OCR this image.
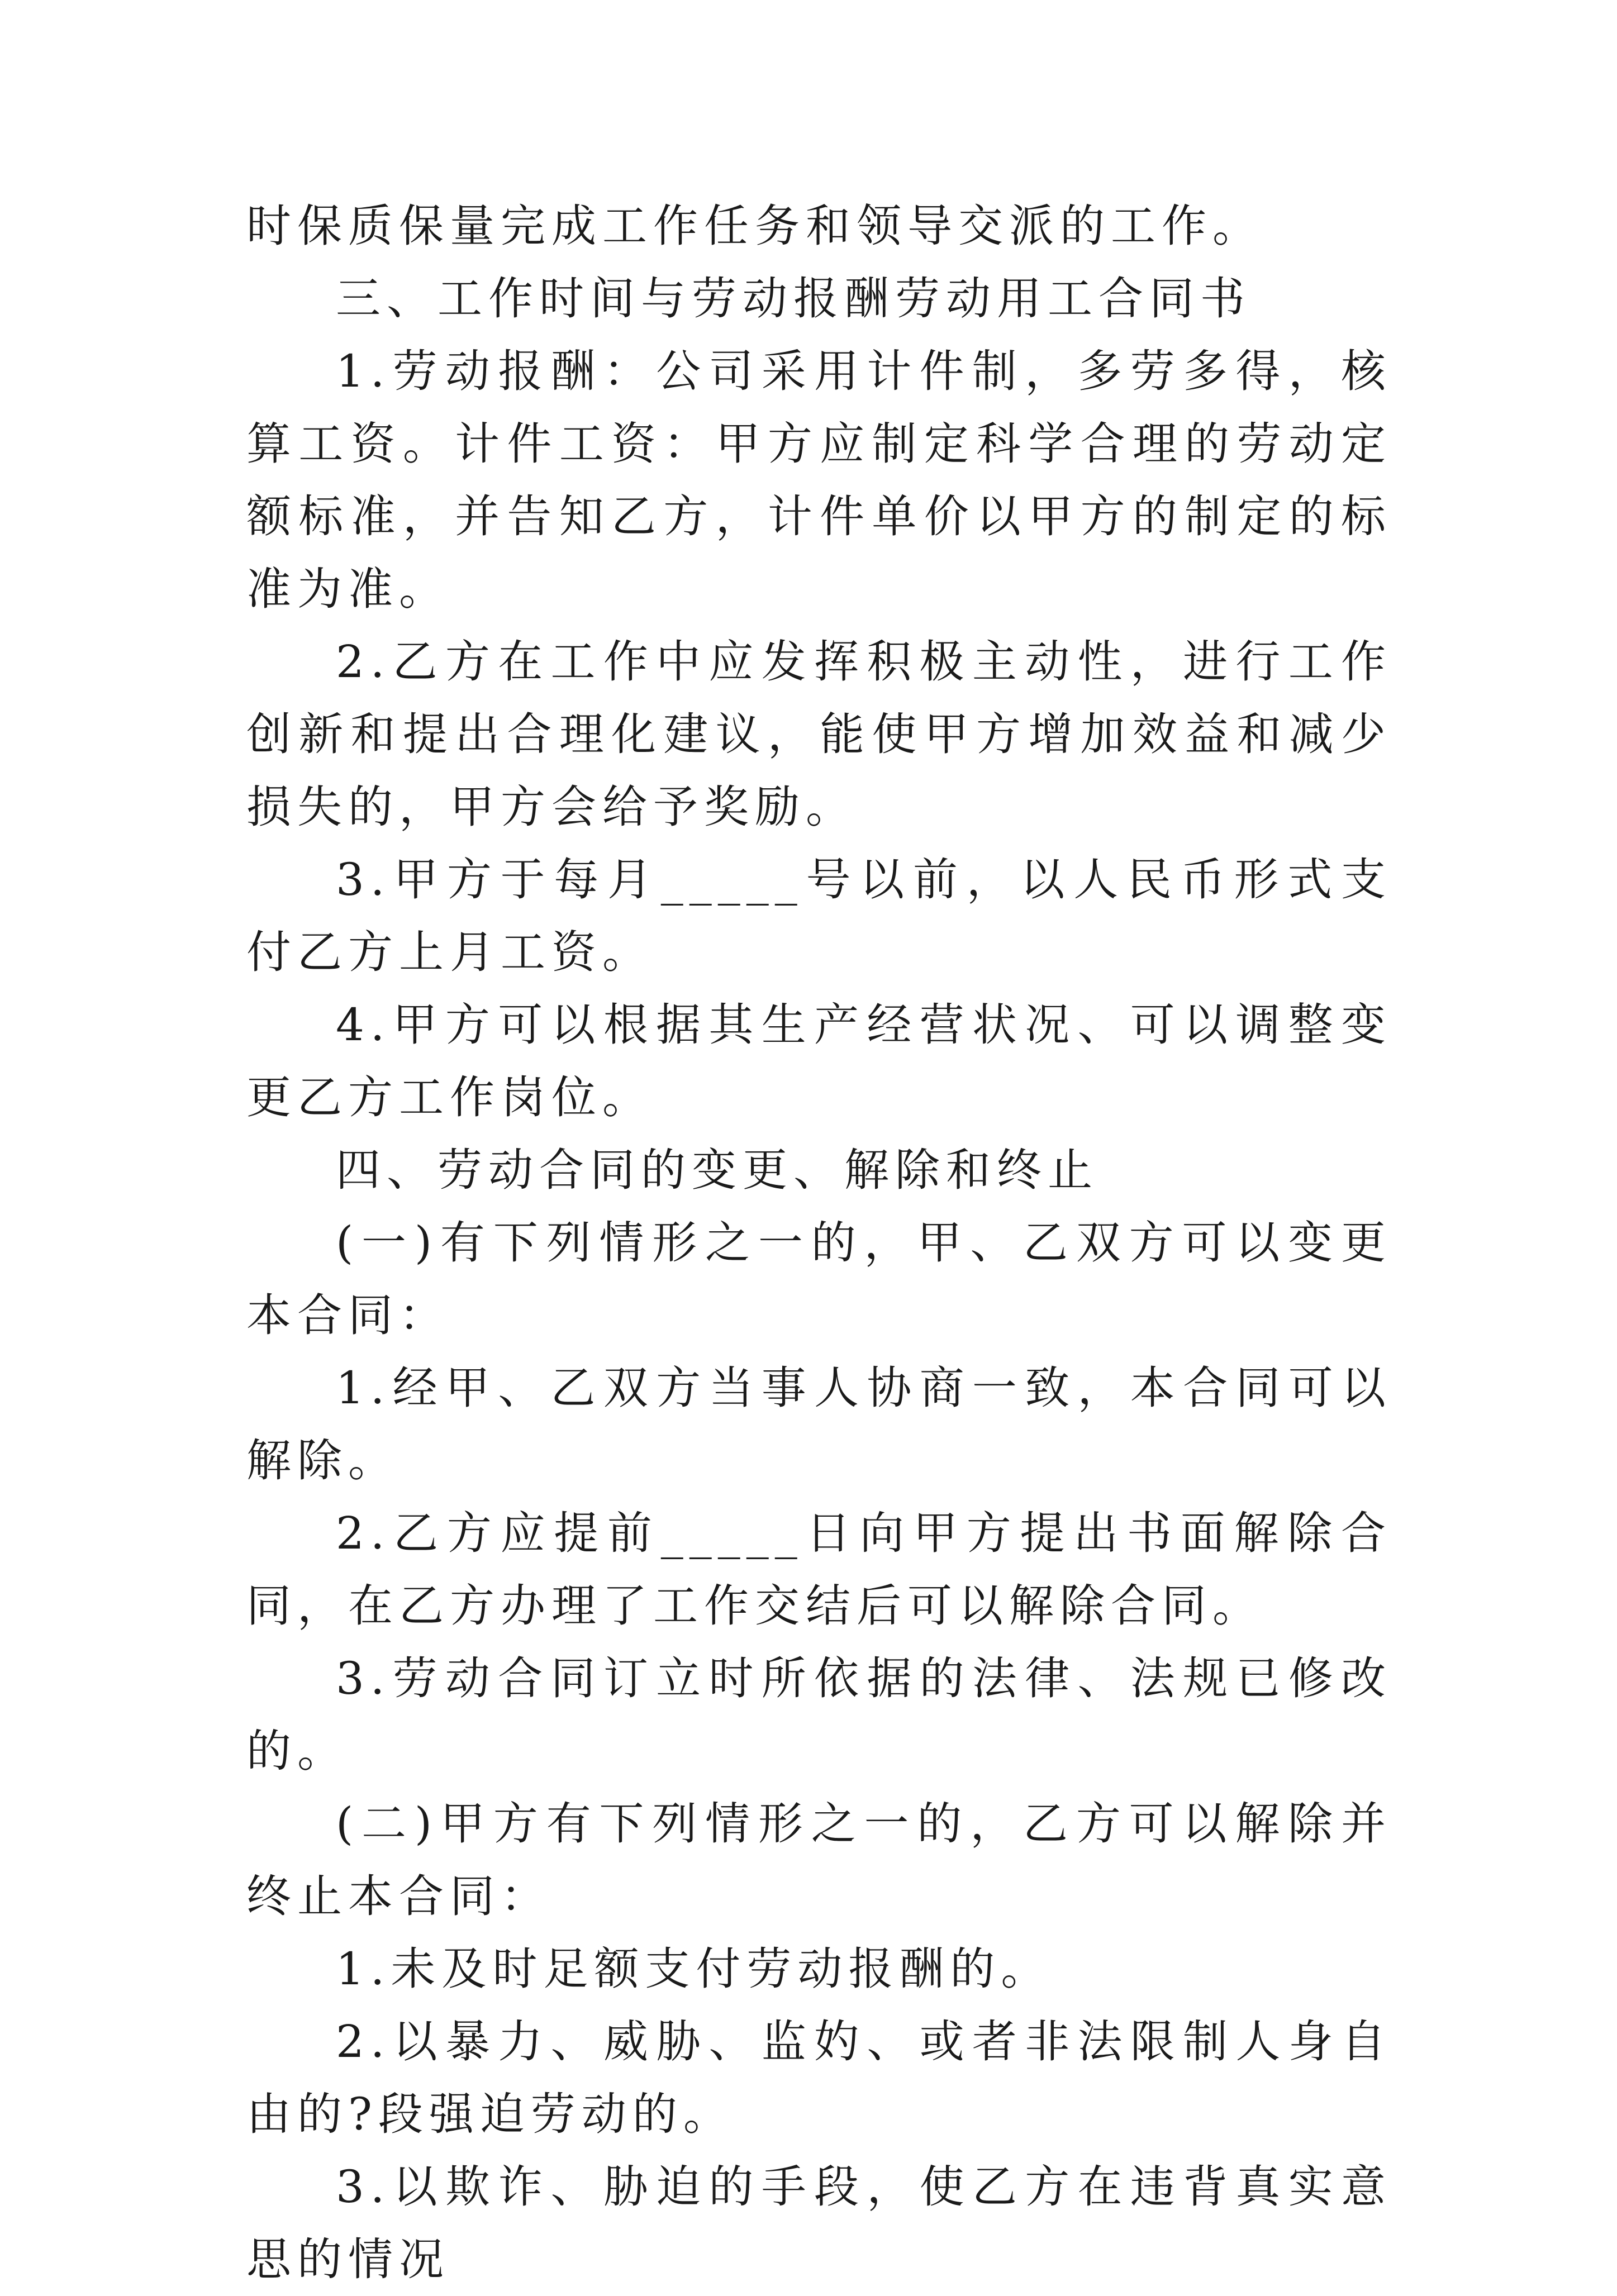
时保质保量完成工作任务和领导交派的工作。

三、工作时间与劳动报酬劳动用工合同书

1.劳动报酬：公司采用计件制，多劳多得，核算工资。计件工资：甲方应制定科学合理的劳动定额标准，并告知乙方，计件单价以甲方的制定的标准为准。

2.乙方在工作中应发挥积极主动性，进行工作创新和提出合理化建议，能使甲方增加效益和减少损失的，甲方会给予奖励。

3.甲方于每月_____号以前，以人民币形式支付乙方上月工资。

4.甲方可以根据其生产经营状况、可以调整变更乙方工作岗位。

四、劳动合同的变更、解除和终止

(一)有下列情形之一的，甲、乙双方可以变更本合同：

1.经甲、乙双方当事人协商一致，本合同可以解除。

2.乙方应提前_____日向甲方提出书面解除合同，在乙方办理了工作交结后可以解除合同。

3.劳动合同订立时所依据的法律、法规已修改的。

(二)甲方有下列情形之一的，乙方可以解除并终止本合同：

1.未及时足额支付劳动报酬的。

2.以暴力、威胁、监妁、或者非法限制人身自由的?段强迫劳动的。

3.以欺诈、胁迫的手段，使乙方在违背真实意思的情况
